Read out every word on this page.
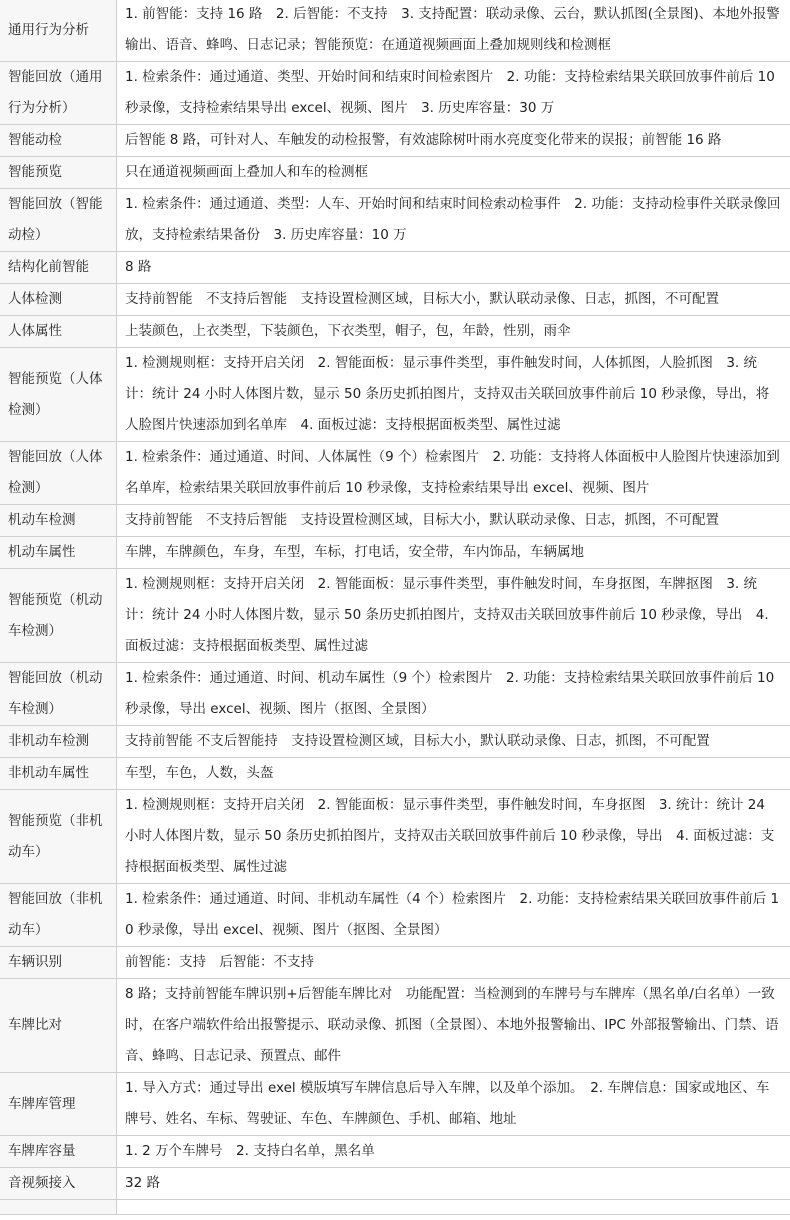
通用行为分析	1. 前智能：支持 16 路　2. 后智能：不支持　3. 支持配置：联动录像、云台，默认抓图(全景图)、本地外报警输出、语音、蜂鸣、日志记录；智能预览：在通道视频画面上叠加规则线和检测框
智能回放（通用行为分析）	1. 检索条件：通过通道、类型、开始时间和结束时间检索图片　2. 功能：支持检索结果关联回放事件前后 10 秒录像，支持检索结果导出 excel、视频、图片　3. 历史库容量：30 万
智能动检	后智能 8 路，可针对人、车触发的动检报警，有效滤除树叶雨水亮度变化带来的误报；前智能 16 路
智能预览	只在通道视频画面上叠加人和车的检测框
智能回放（智能动检）	1. 检索条件：通过通道、类型：人车、开始时间和结束时间检索动检事件　2. 功能：支持动检事件关联录像回放，支持检索结果备份　3. 历史库容量：10 万
结构化前智能	8 路
人体检测	支持前智能　不支持后智能　支持设置检测区域，目标大小，默认联动录像、日志，抓图，不可配置
人体属性	上装颜色，上衣类型，下装颜色，下衣类型，帽子，包，年龄，性别，雨伞
智能预览（人体检测）	1. 检测规则框：支持开启关闭　2. 智能面板：显示事件类型，事件触发时间，人体抓图，人脸抓图　3. 统计：统计 24 小时人体图片数，显示 50 条历史抓拍图片，支持双击关联回放事件前后 10 秒录像，导出，将人脸图片快速添加到名单库　4. 面板过滤：支持根据面板类型、属性过滤
智能回放（人体检测）	1. 检索条件：通过通道、时间、人体属性（9 个）检索图片　2. 功能：支持将人体面板中人脸图片快速添加到名单库，检索结果关联回放事件前后 10 秒录像，支持检索结果导出 excel、视频、图片
机动车检测	支持前智能　不支持后智能　支持设置检测区域，目标大小，默认联动录像、日志，抓图，不可配置
机动车属性	车牌，车牌颜色，车身，车型，车标，打电话，安全带，车内饰品，车辆属地
智能预览（机动车检测）	1. 检测规则框：支持开启关闭　2. 智能面板：显示事件类型，事件触发时间，车身抠图，车牌抠图　3. 统计：统计 24 小时人体图片数，显示 50 条历史抓拍图片，支持双击关联回放事件前后 10 秒录像，导出　4. 面板过滤：支持根据面板类型、属性过滤
智能回放（机动车检测）	1. 检索条件：通过通道、时间、机动车属性（9 个）检索图片　2. 功能：支持检索结果关联回放事件前后 10 秒录像，导出 excel、视频、图片（抠图、全景图）
非机动车检测	支持前智能 不支后智能持　支持设置检测区域，目标大小，默认联动录像、日志，抓图，不可配置
非机动车属性	车型，车色，人数，头盔
智能预览（非机动车）	1. 检测规则框：支持开启关闭　2. 智能面板：显示事件类型，事件触发时间，车身抠图　3. 统计：统计 24 小时人体图片数，显示 50 条历史抓拍图片，支持双击关联回放事件前后 10 秒录像，导出　4. 面板过滤：支持根据面板类型、属性过滤
智能回放（非机动车）	1. 检索条件：通过通道、时间、非机动车属性（4 个）检索图片　2. 功能：支持检索结果关联回放事件前后 10 秒录像，导出 excel、视频、图片（抠图、全景图）
车辆识别	前智能：支持　后智能：不支持
车牌比对	8 路；支持前智能车牌识别+后智能车牌比对　功能配置：当检测到的车牌号与车牌库（黑名单/白名单）一致时，在客户端软件给出报警提示、联动录像、抓图（全景图）、本地外报警输出、IPC 外部报警输出、门禁、语音、蜂鸣、日志记录、预置点、邮件
车牌库管理	1. 导入方式：通过导出 exel 模版填写车牌信息后导入车牌，以及单个添加。　2. 车牌信息：国家或地区、车牌号、姓名、车标、驾驶证、车色、车牌颜色、手机、邮箱、地址
车牌库容量	1. 2 万个车牌号　2. 支持白名单，黑名单
音视频接入	32 路
